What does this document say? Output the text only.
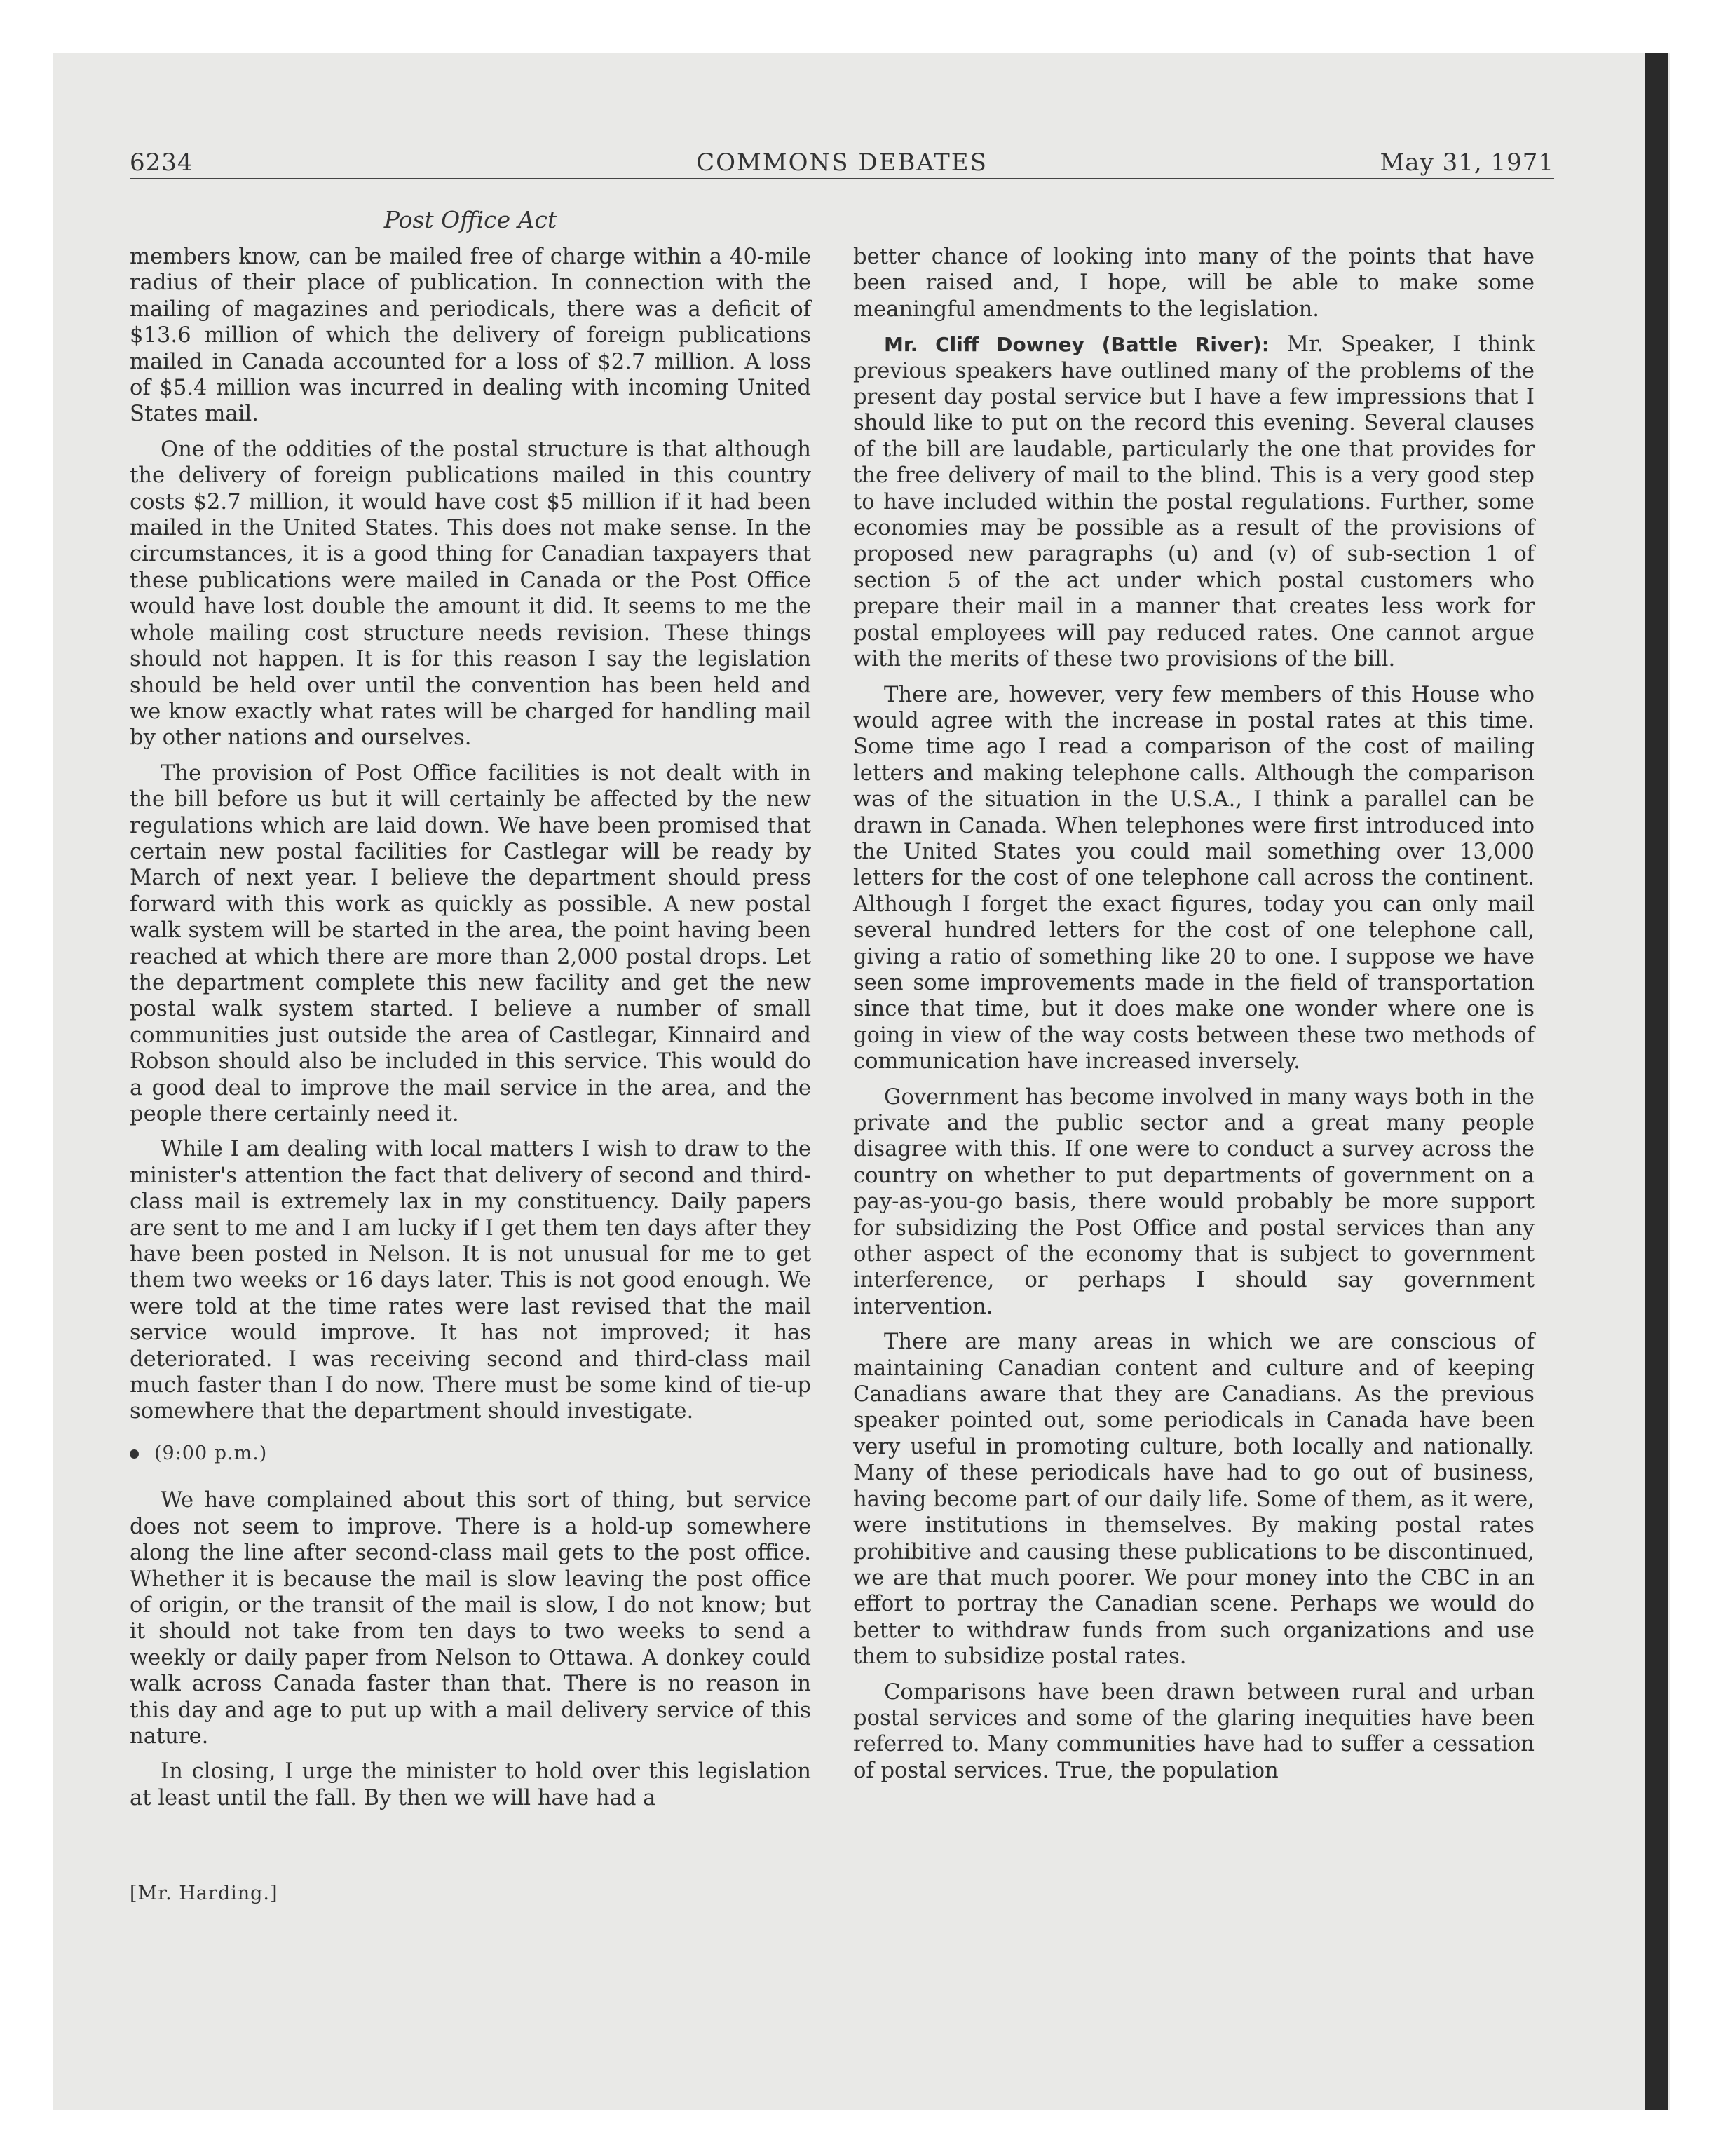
6234	COMMONS DEBATES	May 31, 1971
Post Office Act

members know, can be mailed free of charge within a 40-mile radius of their place of publication. In connection with the mailing of magazines and periodicals, there was a deficit of $13.6 million of which the delivery of foreign publications mailed in Canada accounted for a loss of $2.7 million. A loss of $5.4 million was incurred in dealing with incoming United States mail.

One of the oddities of the postal structure is that although the delivery of foreign publications mailed in this country costs $2.7 million, it would have cost $5 million if it had been mailed in the United States. This does not make sense. In the circumstances, it is a good thing for Canadian taxpayers that these publications were mailed in Canada or the Post Office would have lost double the amount it did. It seems to me the whole mailing cost structure needs revision. These things should not happen. It is for this reason I say the legislation should be held over until the convention has been held and we know exactly what rates will be charged for handling mail by other nations and ourselves.

The provision of Post Office facilities is not dealt with in the bill before us but it will certainly be affected by the new regulations which are laid down. We have been promised that certain new postal facilities for Castlegar will be ready by March of next year. I believe the department should press forward with this work as quickly as possible. A new postal walk system will be started in the area, the point having been reached at which there are more than 2,000 postal drops. Let the department complete this new facility and get the new postal walk system started. I believe a number of small communities just outside the area of Castlegar, Kinnaird and Robson should also be included in this service. This would do a good deal to improve the mail service in the area, and the people there certainly need it.

While I am dealing with local matters I wish to draw to the minister's attention the fact that delivery of second and third-class mail is extremely lax in my constituency. Daily papers are sent to me and I am lucky if I get them ten days after they have been posted in Nelson. It is not unusual for me to get them two weeks or 16 days later. This is not good enough. We were told at the time rates were last revised that the mail service would improve. It has not improved; it has deteriorated. I was receiving second and third-class mail much faster than I do now. There must be some kind of tie-up somewhere that the department should investigate.

(9:00 p.m.)

We have complained about this sort of thing, but service does not seem to improve. There is a hold-up somewhere along the line after second-class mail gets to the post office. Whether it is because the mail is slow leaving the post office of origin, or the transit of the mail is slow, I do not know; but it should not take from ten days to two weeks to send a weekly or daily paper from Nelson to Ottawa. A donkey could walk across Canada faster than that. There is no reason in this day and age to put up with a mail delivery service of this nature.

In closing, I urge the minister to hold over this legislation at least until the fall. By then we will have had a

better chance of looking into many of the points that have been raised and, I hope, will be able to make some meaningful amendments to the legislation.

Mr. Cliff Downey (Battle River): Mr. Speaker, I think previous speakers have outlined many of the problems of the present day postal service but I have a few impressions that I should like to put on the record this evening. Several clauses of the bill are laudable, particularly the one that provides for the free delivery of mail to the blind. This is a very good step to have included within the postal regulations. Further, some economies may be possible as a result of the provisions of proposed new paragraphs (u) and (v) of sub-section 1 of section 5 of the act under which postal customers who prepare their mail in a manner that creates less work for postal employees will pay reduced rates. One cannot argue with the merits of these two provisions of the bill.

There are, however, very few members of this House who would agree with the increase in postal rates at this time. Some time ago I read a comparison of the cost of mailing letters and making telephone calls. Although the comparison was of the situation in the U.S.A., I think a parallel can be drawn in Canada. When telephones were first introduced into the United States you could mail something over 13,000 letters for the cost of one telephone call across the continent. Although I forget the exact figures, today you can only mail several hundred letters for the cost of one telephone call, giving a ratio of something like 20 to one. I suppose we have seen some improvements made in the field of transportation since that time, but it does make one wonder where one is going in view of the way costs between these two methods of communication have increased inversely.

Government has become involved in many ways both in the private and the public sector and a great many people disagree with this. If one were to conduct a survey across the country on whether to put departments of government on a pay-as-you-go basis, there would probably be more support for subsidizing the Post Office and postal services than any other aspect of the economy that is subject to government interference, or perhaps I should say government intervention.

There are many areas in which we are conscious of maintaining Canadian content and culture and of keeping Canadians aware that they are Canadians. As the previous speaker pointed out, some periodicals in Canada have been very useful in promoting culture, both locally and nationally. Many of these periodicals have had to go out of business, having become part of our daily life. Some of them, as it were, were institutions in themselves. By making postal rates prohibitive and causing these publications to be discontinued, we are that much poorer. We pour money into the CBC in an effort to portray the Canadian scene. Perhaps we would do better to withdraw funds from such organizations and use them to subsidize postal rates.

Comparisons have been drawn between rural and urban postal services and some of the glaring inequities have been referred to. Many communities have had to suffer a cessation of postal services. True, the population

[Mr. Harding.]
